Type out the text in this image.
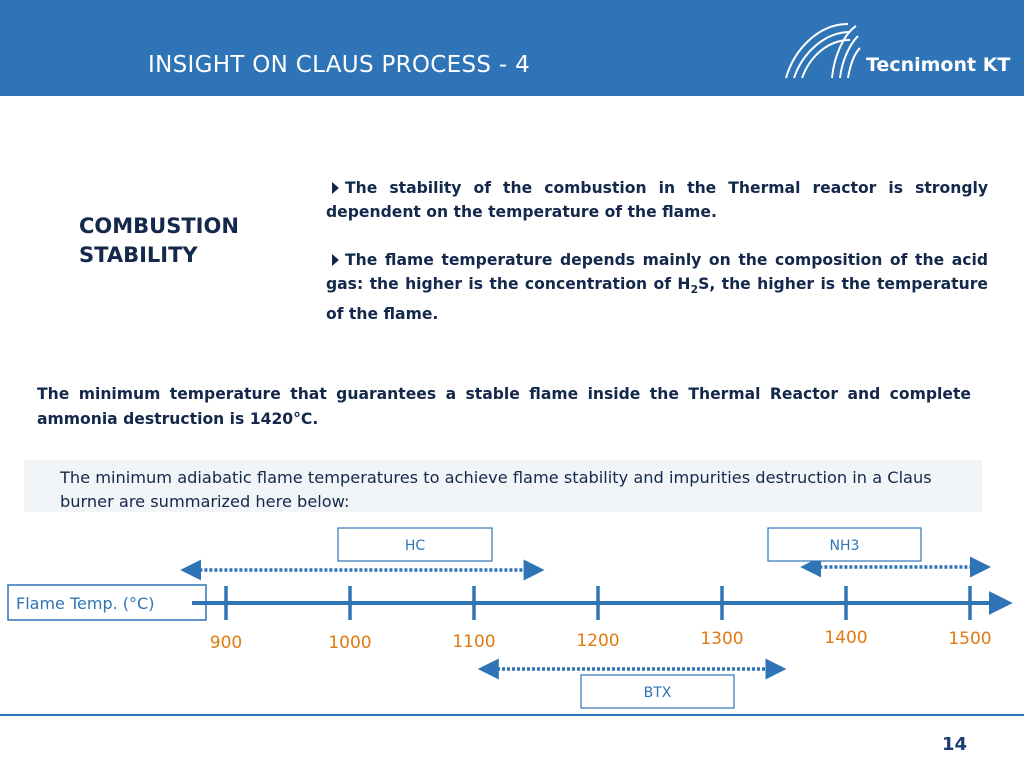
INSIGHT ON CLAUS PROCESS - 4	Tecnimont KT
COMBUSTION
STABILITY
The stability of the combustion in the Thermal reactor is strongly dependent on the temperature of the flame.
The flame temperature depends mainly on the composition of the acid gas: the higher is the concentration of $H_2S$, the higher is the temperature of the flame.
The minimum temperature that guarantees a stable flame inside the Thermal Reactor and complete ammonia destruction is 1420°C.
The minimum adiabatic flame temperatures to achieve flame stability and impurities destruction in a Claus burner are summarized here below:
Flame Temp. (°C)
HC	NH3
BTX
900	1000	1100	1200	1300	1400	1500
14
